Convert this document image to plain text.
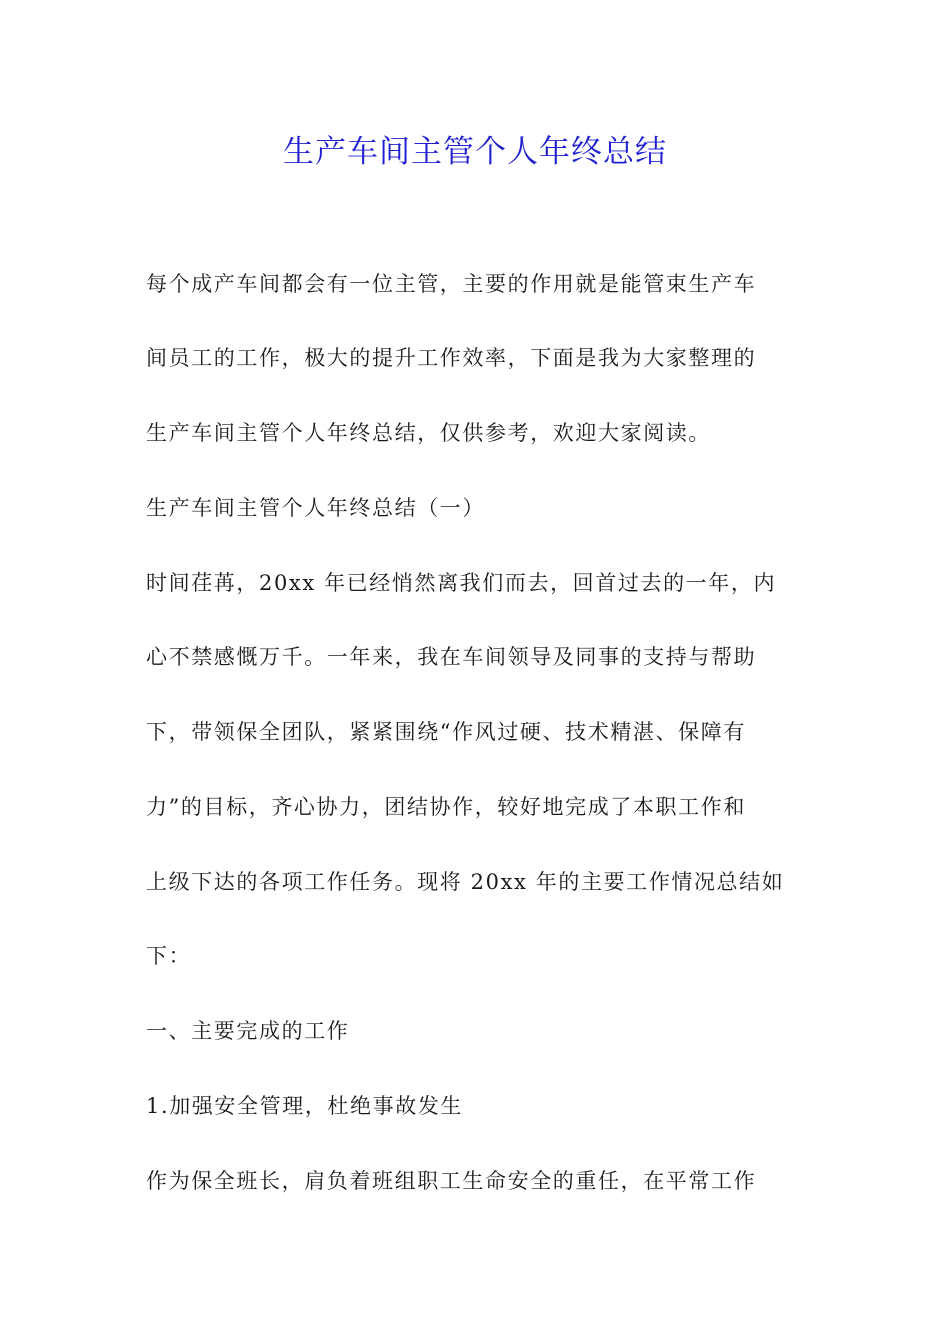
生产车间主管个人年终总结

每个成产车间都会有一位主管，主要的作用就是能管束生产车

间员工的工作，极大的提升工作效率，下面是我为大家整理的

生产车间主管个人年终总结，仅供参考，欢迎大家阅读。

生产车间主管个人年终总结（一）

时间荏苒，20xx 年已经悄然离我们而去，回首过去的一年，内

心不禁感慨万千。一年来，我在车间领导及同事的支持与帮助

下，带领保全团队，紧紧围绕“作风过硬、技术精湛、保障有

力”的目标，齐心协力，团结协作，较好地完成了本职工作和

上级下达的各项工作任务。现将 20xx 年的主要工作情况总结如

下：

一、主要完成的工作

1.加强安全管理，杜绝事故发生

作为保全班长，肩负着班组职工生命安全的重任，在平常工作
